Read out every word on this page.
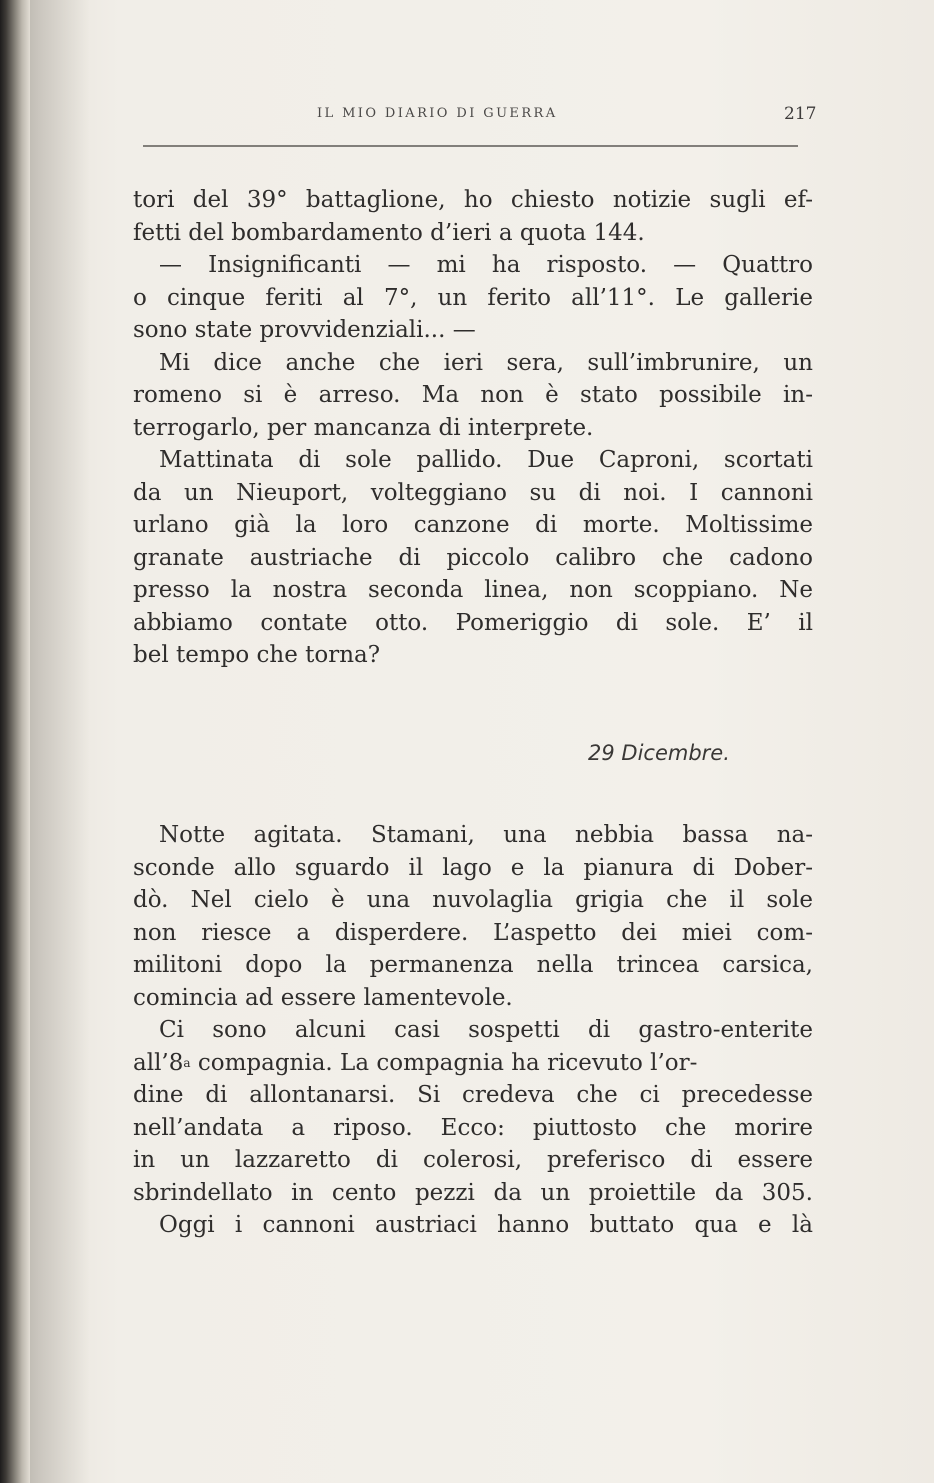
IL MIO DIARIO DI GUERRA	217
tori del 39° battaglione, ho chiesto notizie sugli ef-
fetti del bombardamento d’ieri a quota 144.
— Insignificanti — mi ha risposto. — Quattro
o cinque feriti al 7°, un ferito all’11°. Le gallerie
sono state provvidenziali... —
Mi dice anche che ieri sera, sull’imbrunire, un
romeno si è arreso. Ma non è stato possibile in-
terrogarlo, per mancanza di interprete.
Mattinata di sole pallido. Due Caproni, scortati
da un Nieuport, volteggiano su di noi. I cannoni
urlano già la loro canzone di morte. Moltissime
granate austriache di piccolo calibro che cadono
presso la nostra seconda linea, non scoppiano. Ne
abbiamo contate otto. Pomeriggio di sole. E’ il
bel tempo che torna?
29 Dicembre.
Notte agitata. Stamani, una nebbia bassa na-
sconde allo sguardo il lago e la pianura di Dober-
dò. Nel cielo è una nuvolaglia grigia che il sole
non riesce a disperdere. L’aspetto dei miei com-
militoni dopo la permanenza nella trincea carsica,
comincia ad essere lamentevole.
Ci sono alcuni casi sospetti di gastro-enterite
all’8 a compagnia. La compagnia ha ricevuto l’or-
dine di allontanarsi. Si credeva che ci precedesse
nell’andata a riposo. Ecco: piuttosto che morire
in un lazzaretto di colerosi, preferisco di essere
sbrindellato in cento pezzi da un proiettile da 305.
Oggi i cannoni austriaci hanno buttato qua e là
